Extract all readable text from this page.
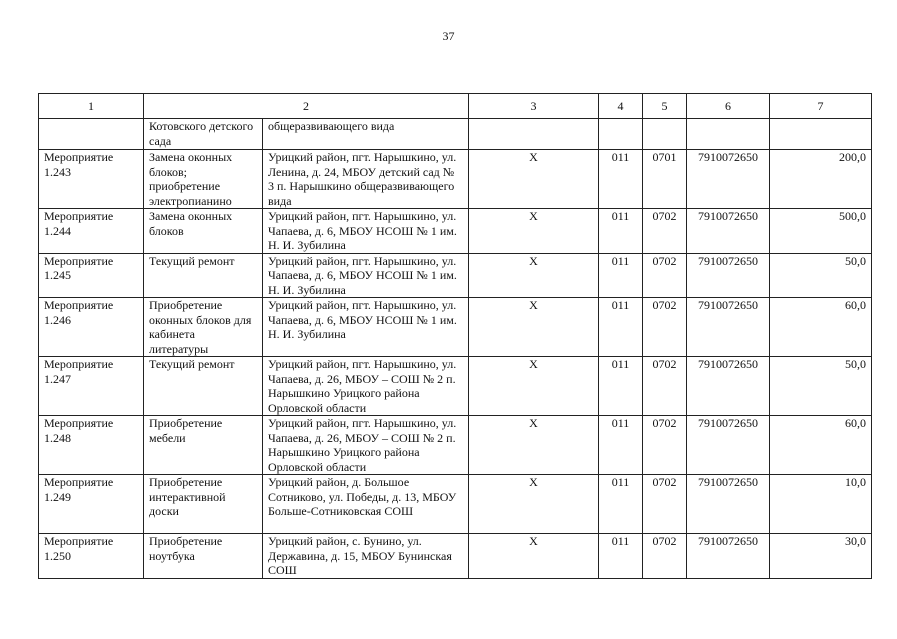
37
1	2		3	4	5	6	7
	Котовского детского сада	общеразвивающего вида					
Мероприятие 1.243	Замена оконных блоков; приобретение электропианино	Урицкий район, пгт. Нарышкино, ул. Ленина, д. 24, МБОУ детский сад № 3 п. Нарышкино общеразвивающего вида	X	011	0701	7910072650	200,0
Мероприятие 1.244	Замена оконных блоков	Урицкий район, пгт. Нарышкино, ул. Чапаева, д. 6, МБОУ НСОШ № 1 им. Н. И. Зубилина	X	011	0702	7910072650	500,0
Мероприятие 1.245	Текущий ремонт	Урицкий район, пгт. Нарышкино, ул. Чапаева, д. 6, МБОУ НСОШ № 1 им. Н. И. Зубилина	X	011	0702	7910072650	50,0
Мероприятие 1.246	Приобретение оконных блоков для кабинета литературы	Урицкий район, пгт. Нарышкино, ул. Чапаева, д. 6, МБОУ НСОШ № 1 им. Н. И. Зубилина	X	011	0702	7910072650	60,0
Мероприятие 1.247	Текущий ремонт	Урицкий район, пгт. Нарышкино, ул. Чапаева, д. 26, МБОУ – СОШ № 2 п. Нарышкино Урицкого района Орловской области	X	011	0702	7910072650	50,0
Мероприятие 1.248	Приобретение мебели	Урицкий район, пгт. Нарышкино, ул. Чапаева, д. 26, МБОУ – СОШ № 2 п. Нарышкино Урицкого района Орловской области	X	011	0702	7910072650	60,0
Мероприятие 1.249	Приобретение интерактивной доски	Урицкий район, д. Большое Сотниково, ул. Победы, д. 13, МБОУ Больше-Сотниковская СОШ	X	011	0702	7910072650	10,0
Мероприятие 1.250	Приобретение ноутбука	Урицкий район, с. Бунино, ул. Державина, д. 15, МБОУ Бунинская СОШ	X	011	0702	7910072650	30,0
